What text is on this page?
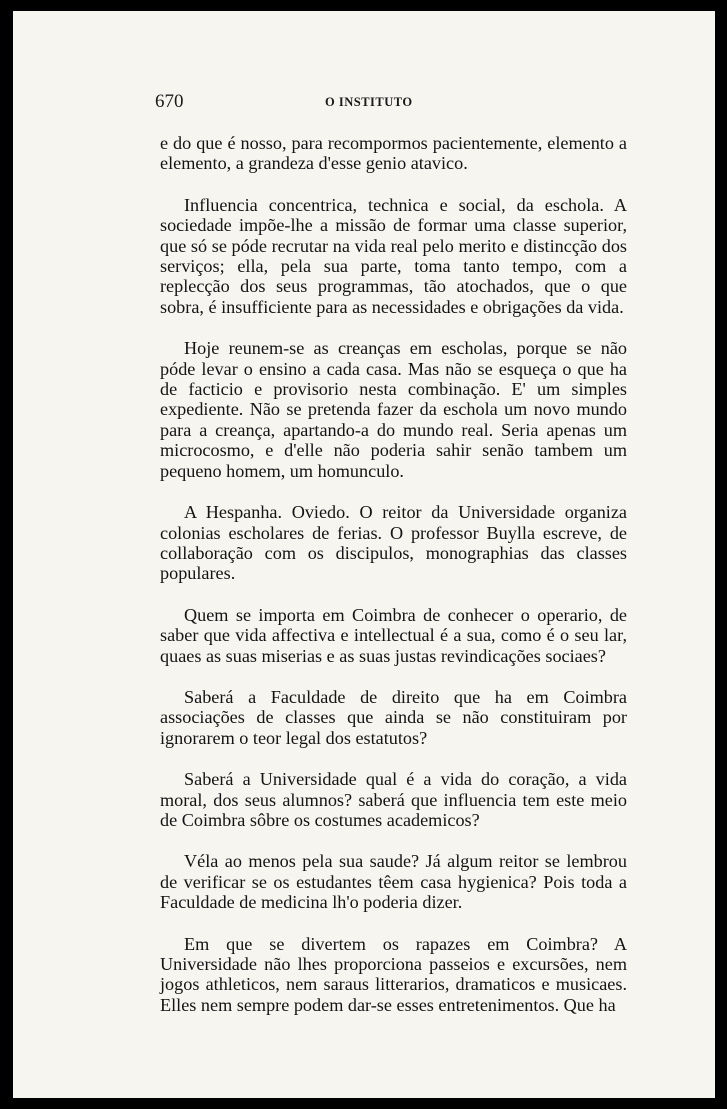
670	O INSTITUTO

e do que é nosso, para recompormos pacientemente, elemento a elemento, a grandeza d'esse genio atavico.

Influencia concentrica, technica e social, da eschola. A sociedade impõe-lhe a missão de formar uma classe superior, que só se póde recrutar na vida real pelo merito e distincção dos serviços; ella, pela sua parte, toma tanto tempo, com a replecção dos seus programmas, tão atochados, que o que sobra, é insufficiente para as necessidades e obrigações da vida.

Hoje reunem-se as creanças em escholas, porque se não póde levar o ensino a cada casa. Mas não se esqueça o que ha de facticio e provisorio nesta combinação. E' um simples expediente. Não se pretenda fazer da eschola um novo mundo para a creança, apartando-a do mundo real. Seria apenas um microcosmo, e d'elle não poderia sahir senão tambem um pequeno homem, um homunculo.

A Hespanha. Oviedo. O reitor da Universidade organiza colonias escholares de ferias. O professor Buylla escreve, de collaboração com os discipulos, monographias das classes populares.

Quem se importa em Coimbra de conhecer o operario, de saber que vida affectiva e intellectual é a sua, como é o seu lar, quaes as suas miserias e as suas justas revindicações sociaes?

Saberá a Faculdade de direito que ha em Coimbra associações de classes que ainda se não constituiram por ignorarem o teor legal dos estatutos?

Saberá a Universidade qual é a vida do coração, a vida moral, dos seus alumnos? saberá que influencia tem este meio de Coimbra sôbre os costumes academicos?

Véla ao menos pela sua saude? Já algum reitor se lembrou de verificar se os estudantes têem casa hygienica? Pois toda a Faculdade de medicina lh'o poderia dizer.

Em que se divertem os rapazes em Coimbra? A Universidade não lhes proporciona passeios e excursões, nem jogos athleticos, nem saraus litterarios, dramaticos e musicaes. Elles nem sempre podem dar-se esses entretenimentos. Que ha
